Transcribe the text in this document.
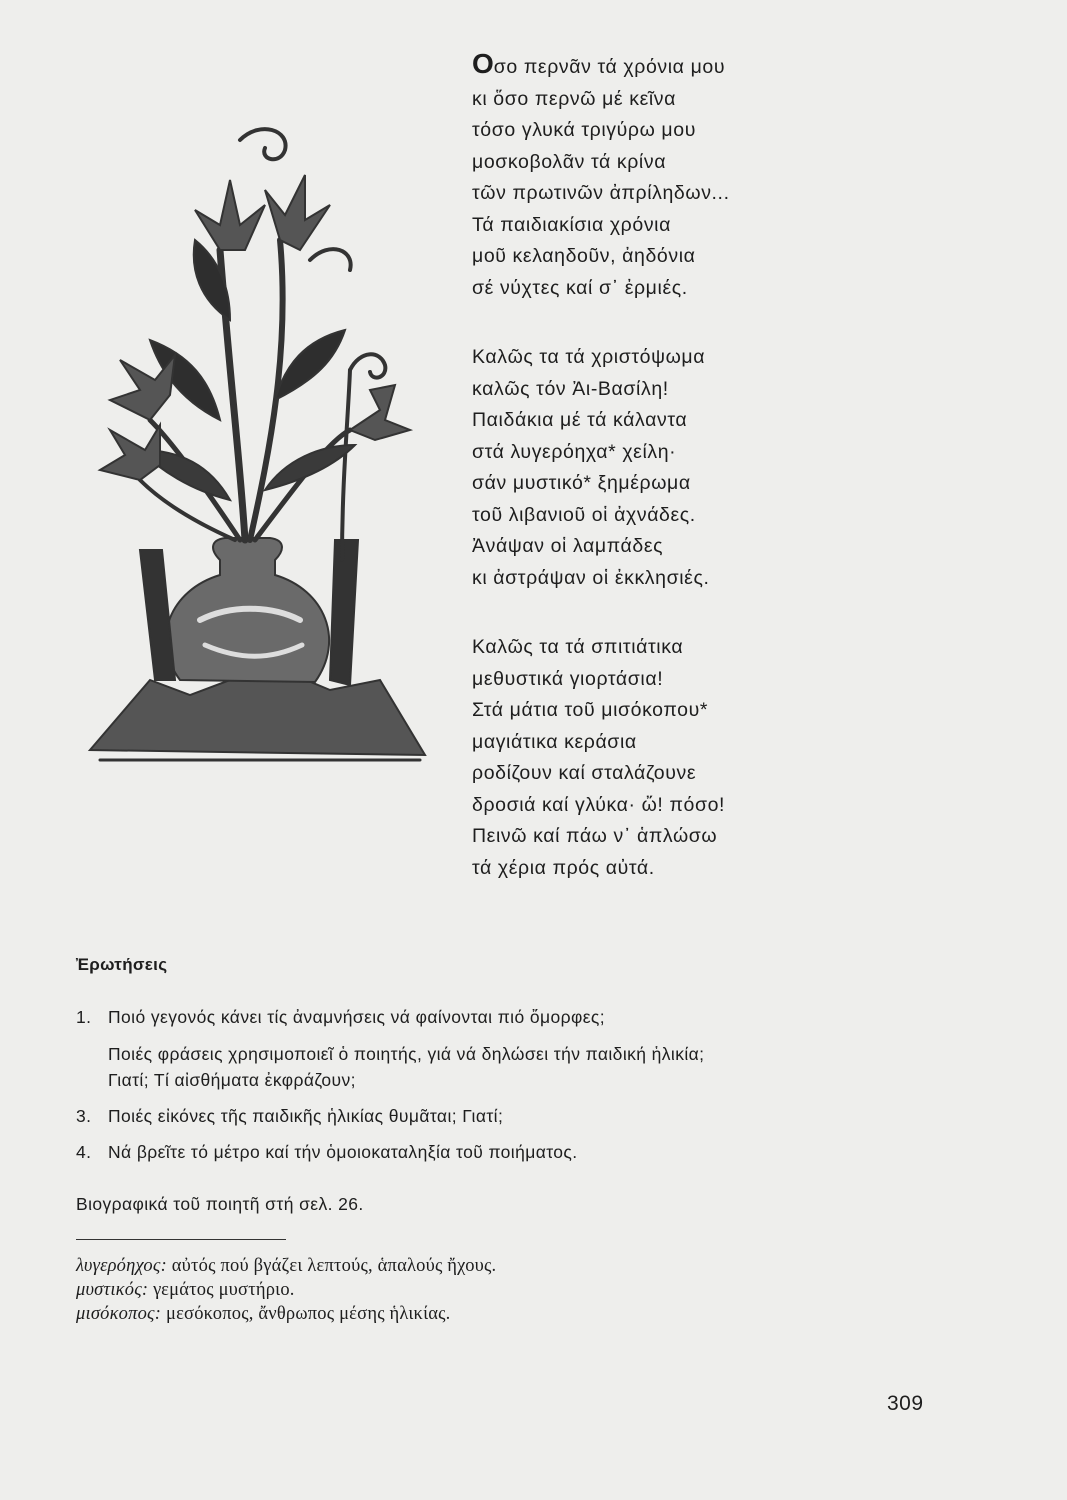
Οσο περνᾶν τά χρόνια μου
κι ὅσο περνῶ μέ κεῖνα
τόσο γλυκά τριγύρω μου
μοσκοβολᾶν τά κρίνα
τῶν πρωτινῶν ἀπρίληδων...
Τά παιδιακίσια χρόνια
μοῦ κελαηδοῦν, ἀηδόνια
σέ νύχτες καί σ᾽ ἐρμιές.
Καλῶς τα τά χριστόψωμα
καλῶς τόν Ἀι-Βασίλη!
Παιδάκια μέ τά κάλαντα
στά λυγερόηχα* χείλη·
σάν μυστικό* ξημέρωμα
τοῦ λιβανιοῦ οἱ ἀχνάδες.
Ἀνάψαν οἱ λαμπάδες
κι ἀστράψαν οἱ ἐκκλησιές.
Καλῶς τα τά σπιτιάτικα
μεθυστικά γιορτάσια!
Στά μάτια τοῦ μισόκοπου*
μαγιάτικα κεράσια
ροδίζουν καί σταλάζουνε
δροσιά καί γλύκα· ὤ! πόσο!
Πεινῶ καί πάω ν᾽ ἁπλώσω
τά χέρια πρός αὐτά.
Ἐρωτήσεις
1. Ποιό γεγονός κάνει τίς ἀναμνήσεις νά φαίνονται πιό ὄμορφες;
Ποιές φράσεις χρησιμοποιεῖ ὁ ποιητής, γιά νά δηλώσει τήν παιδική ἡλικία;
Γιατί; Τί αἰσθήματα ἐκφράζουν;
3. Ποιές εἰκόνες τῆς παιδικῆς ἡλικίας θυμᾶται; Γιατί;
4. Νά βρεῖτε τό μέτρο καί τήν ὁμοιοκαταληξία τοῦ ποιήματος.
Βιογραφικά τοῦ ποιητῆ στή σελ. 26.
λυγερόηχος: αὐτός πού βγάζει λεπτούς, ἁπαλούς ἤχους.
μυστικός: γεμάτος μυστήριο.
μισόκοπος: μεσόκοπος, ἄνθρωπος μέσης ἡλικίας.
309
